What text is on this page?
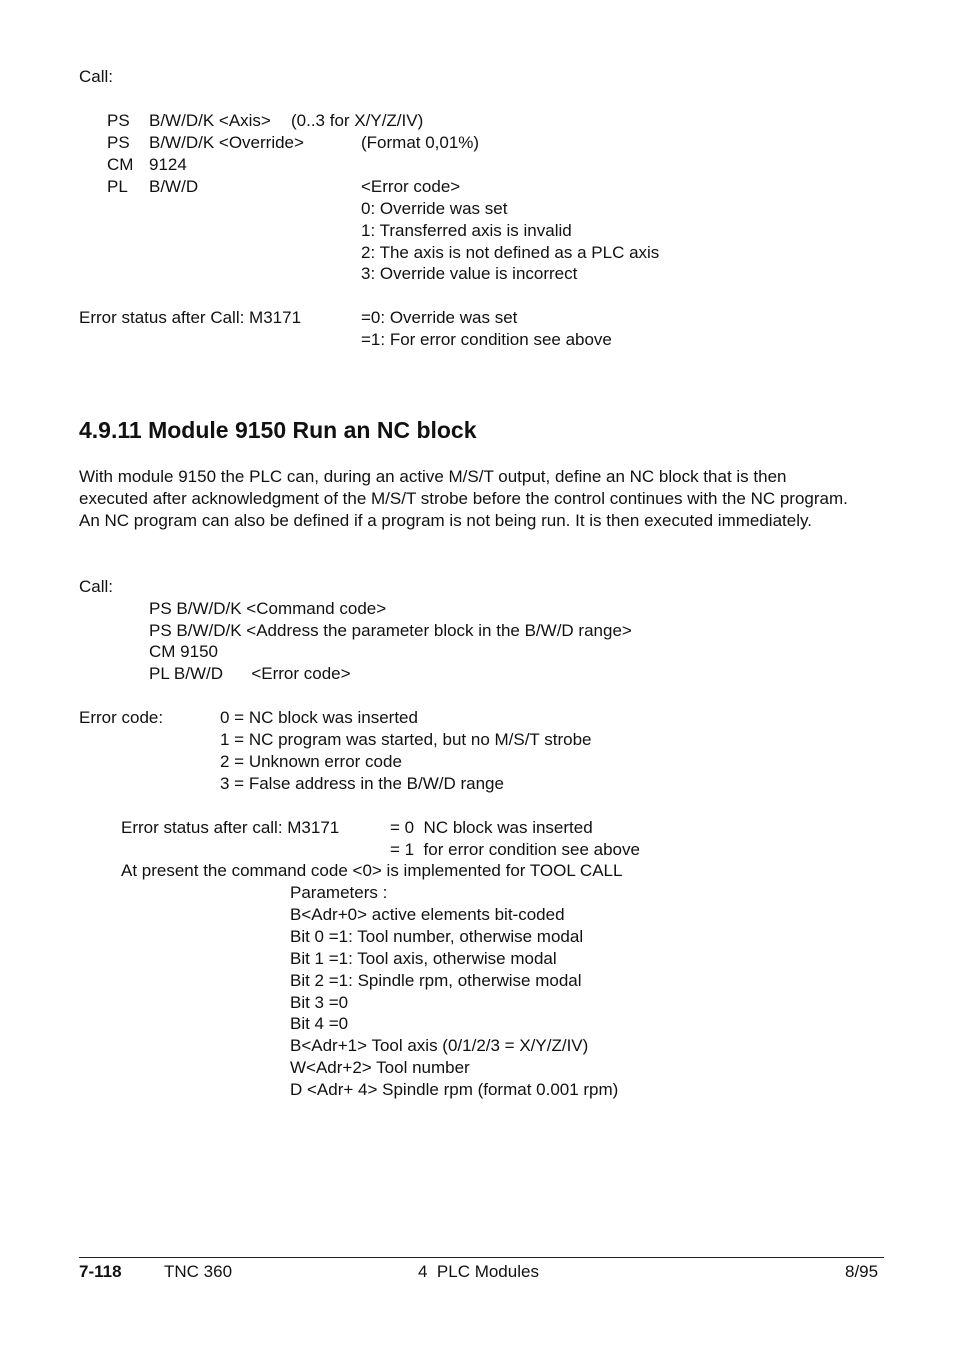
Call:
PS B/W/D/K <Axis> (0..3 for X/Y/Z/IV)
PS B/W/D/K <Override>	(Format 0,01%)
CM 9124
PL B/W/D	<Error code>
0: Override was set
1: Transferred axis is invalid
2: The axis is not defined as a PLC axis
3: Override value is incorrect
Error status after Call: M3171	=0: Override was set
=1: For error condition see above
4.9.11 Module 9150 Run an NC block
With module 9150 the PLC can, during an active M/S/T output, define an NC block that is then executed after acknowledgment of the M/S/T strobe before the control continues with the NC program. An NC program can also be defined if a program is not being run. It is then executed immediately.
Call:
PS B/W/D/K <Command code>
PS B/W/D/K <Address the parameter block in the B/W/D range>
CM 9150
PL B/W/D      <Error code>
Error code:	0 = NC block was inserted
1 = NC program was started, but no M/S/T strobe
2 = Unknown error code
3 = False address in the B/W/D range
Error status after call: M3171	= 0  NC block was inserted
= 1  for error condition see above
At present the command code <0> is implemented for TOOL CALL
Parameters :
B<Adr+0> active elements bit-coded
Bit 0 =1: Tool number, otherwise modal
Bit 1 =1: Tool axis, otherwise modal
Bit 2 =1: Spindle rpm, otherwise modal
Bit 3 =0
Bit 4 =0
B<Adr+1> Tool axis (0/1/2/3 = X/Y/Z/IV)
W<Adr+2> Tool number
D <Adr+ 4> Spindle rpm (format 0.001 rpm)
7-118 TNC 360	4  PLC Modules	8/95
